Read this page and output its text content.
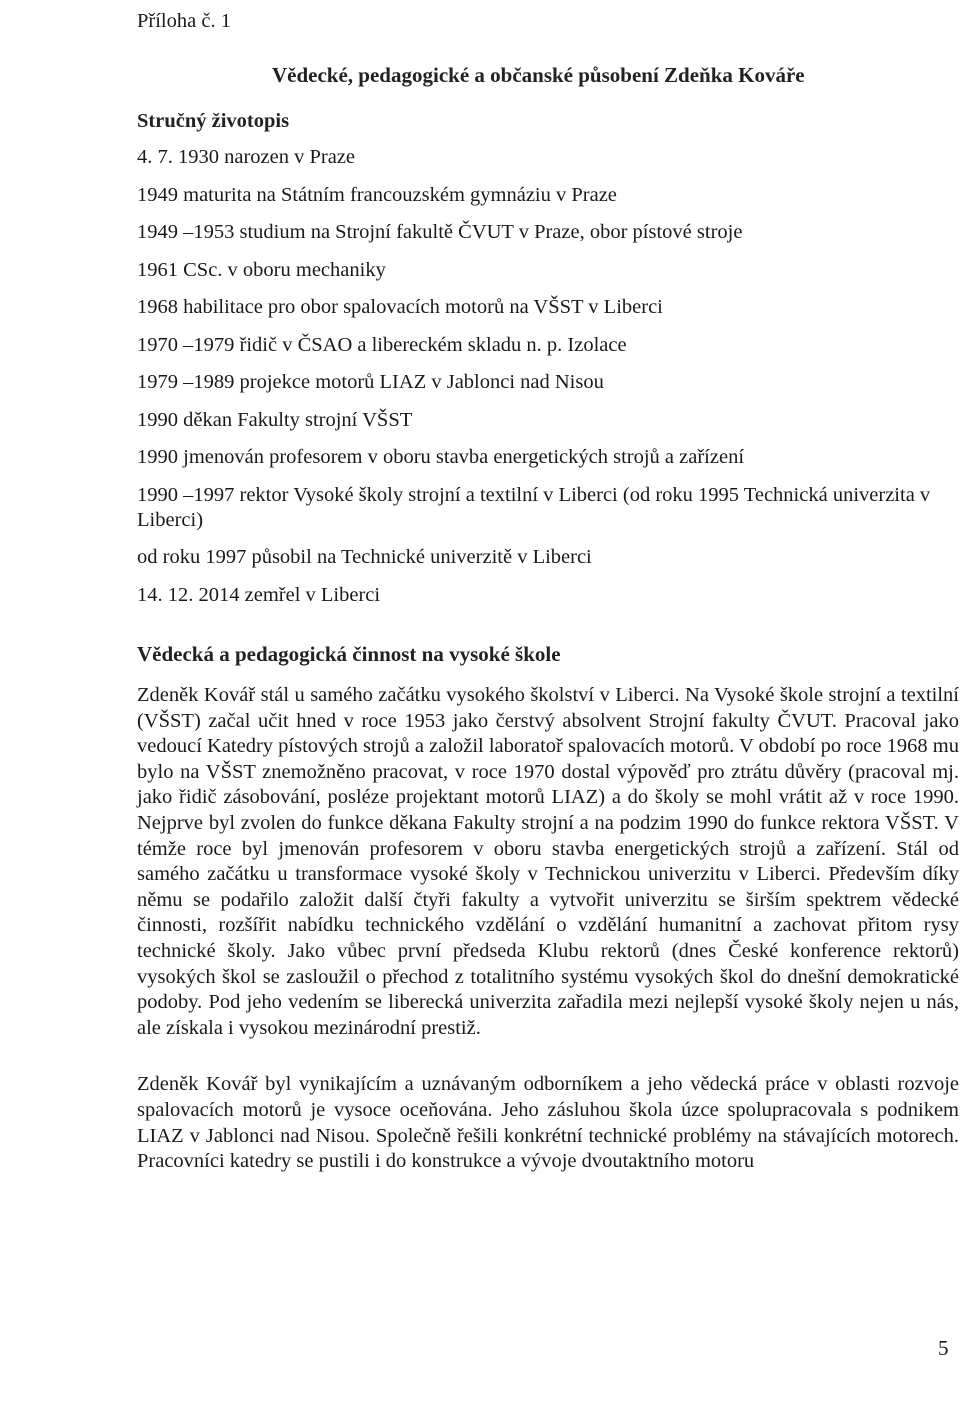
Příloha č. 1

Vědecké, pedagogické a občanské působení Zdeňka Kováře
Stručný životopis
4. 7. 1930 narozen v Praze
1949 maturita na Státním francouzském gymnáziu v Praze
1949 –1953 studium na Strojní fakultě ČVUT v Praze, obor pístové stroje
1961 CSc. v oboru mechaniky
1968 habilitace pro obor spalovacích motorů na VŠST v Liberci
1970 –1979 řidič v ČSAO a libereckém skladu n. p. Izolace
1979 –1989 projekce motorů LIAZ v Jablonci nad Nisou
1990 děkan Fakulty strojní VŠST
1990 jmenován profesorem v oboru stavba energetických strojů a zařízení
1990 –1997 rektor Vysoké školy strojní a textilní v Liberci (od roku 1995 Technická univerzita v Liberci)
od roku 1997 působil na Technické univerzitě v Liberci
14. 12. 2014 zemřel v Liberci
Vědecká a pedagogická činnost na vysoké škole

Zdeněk Kovář stál u samého začátku vysokého školství v Liberci. Na Vysoké škole strojní a textilní (VŠST) začal učit hned v roce 1953 jako čerstvý absolvent Strojní fakulty ČVUT. Pracoval jako vedoucí Katedry pístových strojů a založil laboratoř spalovacích motorů. V období po roce 1968 mu bylo na VŠST znemožněno pracovat, v roce 1970 dostal výpověď pro ztrátu důvěry (pracoval mj. jako řidič zásobování, posléze projektant motorů LIAZ) a do školy se mohl vrátit až v roce 1990. Nejprve byl zvolen do funkce děkana Fakulty strojní a na podzim 1990 do funkce rektora VŠST. V témže roce byl jmenován profesorem v oboru stavba energetických strojů a zařízení. Stál od samého začátku u transformace vysoké školy v Technickou univerzitu v Liberci. Především díky němu se podařilo založit další čtyři fakulty a vytvořit univerzitu se širším spektrem vědecké činnosti, rozšířit nabídku technického vzdělání o vzdělání humanitní a zachovat přitom rysy technické školy. Jako vůbec první předseda Klubu rektorů (dnes České konference rektorů) vysokých škol se zasloužil o přechod z totalitního systému vysokých škol do dnešní demokratické podoby. Pod jeho vedením se liberecká univerzita zařadila mezi nejlepší vysoké školy nejen u nás, ale získala i vysokou mezinárodní prestiž.

Zdeněk Kovář byl vynikajícím a uznávaným odborníkem a jeho vědecká práce v oblasti rozvoje spalovacích motorů je vysoce oceňována. Jeho zásluhou škola úzce spolupracovala s podnikem LIAZ v Jablonci nad Nisou. Společně řešili konkrétní technické problémy na stávajících motorech. Pracovníci katedry se pustili i do konstrukce a vývoje dvoutaktního motoru

5
